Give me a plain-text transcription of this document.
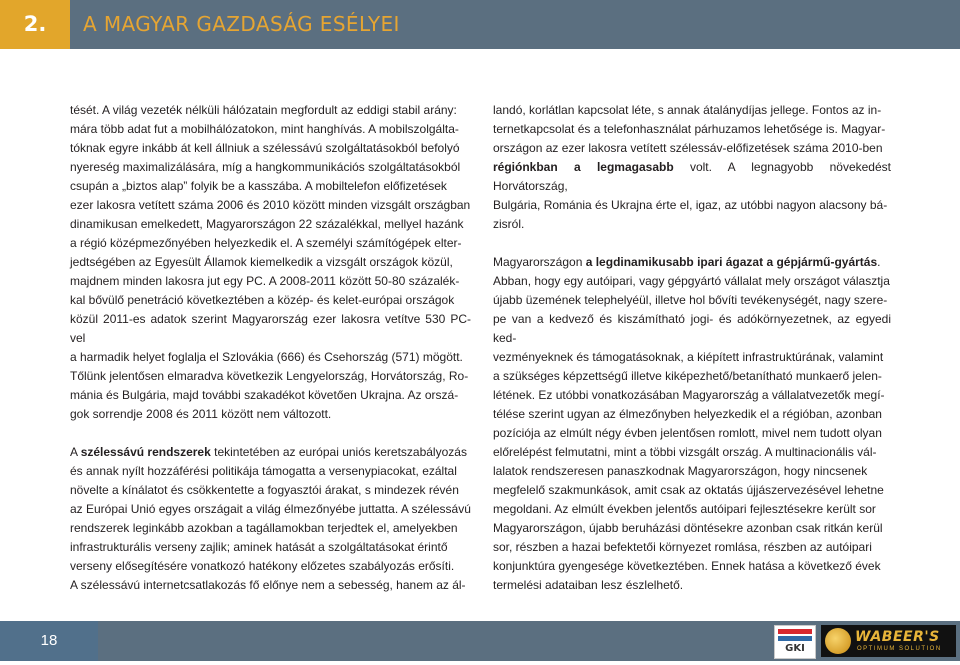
2.	A MAGYAR GAZDASÁG ESÉLYEI

tését. A világ vezeték nélküli hálózatain megfordult az eddigi stabil arány:

mára több adat fut a mobilhálózatokon, mint hanghívás. A mobilszolgálta-

tóknak egyre inkább át kell állniuk a szélessávú szolgáltatásokból befolyó

nyereség maximalizálására, míg a hangkommunikációs szolgáltatásokból

csupán a „biztos alap” folyik be a kasszába. A mobiltelefon előfizetések

ezer lakosra vetített száma 2006 és 2010 között minden vizsgált országban

dinamikusan emelkedett, Magyarországon 22 százalékkal, mellyel hazánk

a régió középmezőnyében helyezkedik el. A személyi számítógépek elter-

jedtségében az Egyesült Államok kiemelkedik a vizsgált országok közül,

majdnem minden lakosra jut egy PC. A 2008-2011 között 50-80 százalék-

kal bővülő penetráció következtében a közép- és kelet-európai országok

közül 2011-es adatok szerint Magyarország ezer lakosra vetítve 530 PC-vel

a harmadik helyet foglalja el Szlovákia (666) és Csehország (571) mögött.

Tőlünk jelentősen elmaradva következik Lengyelország, Horvátország, Ro-

mánia és Bulgária, majd további szakadékot követően Ukrajna. Az orszá-

gok sorrendje 2008 és 2011 között nem változott.

A szélessávú rendszerek tekintetében az európai uniós keretszabályozás

és annak nyílt hozzáférési politikája támogatta a versenypiacokat, ezáltal

növelte a kínálatot és csökkentette a fogyasztói árakat, s mindezek révén

az Európai Unió egyes országait a világ élmezőnyébe juttatta. A szélessávú

rendszerek leginkább azokban a tagállamokban terjedtek el, amelyekben

infrastrukturális verseny zajlik; aminek hatását a szolgáltatásokat érintő

verseny elősegítésére vonatkozó hatékony előzetes szabályozás erősíti.

A szélessávú internetcsatlakozás fő előnye nem a sebesség, hanem az ál-

landó, korlátlan kapcsolat léte, s annak átalánydíjas jellege. Fontos az in-

ternetkapcsolat és a telefonhasználat párhuzamos lehetősége is. Magyar-

országon az ezer lakosra vetített szélessáv-előfizetések száma 2010-ben

régiónkban a legmagasabb volt. A legnagyobb növekedést Horvátország,

Bulgária, Románia és Ukrajna érte el, igaz, az utóbbi nagyon alacsony bá-

zisról.

Magyarországon a legdinamikusabb ipari ágazat a gépjármű-gyártás.

Abban, hogy egy autóipari, vagy gépgyártó vállalat mely országot választja

újabb üzemének telephelyéül, illetve hol bővíti tevékenységét, nagy szere-

pe van a kedvező és kiszámítható jogi- és adókörnyezetnek, az egyedi ked-

vezményeknek és támogatásoknak, a kiépített infrastruktúrának, valamint

a szükséges képzettségű illetve kiképezhető/betanítható munkaerő jelen-

létének. Ez utóbbi vonatkozásában Magyarország a vállalatvezetők megí-

télése szerint ugyan az élmezőnyben helyezkedik el a régióban, azonban

pozíciója az elmúlt négy évben jelentősen romlott, mivel nem tudott olyan

előrelépést felmutatni, mint a többi vizsgált ország. A multinacionális vál-

lalatok rendszeresen panaszkodnak Magyarországon, hogy nincsenek

megfelelő szakmunkások, amit csak az oktatás újjászervezésével lehetne

megoldani. Az elmúlt években jelentős autóipari fejlesztésekre került sor

Magyarországon, újabb beruházási döntésekre azonban csak ritkán kerül

sor, részben a hazai befektetői környezet romlása, részben az autóipari

konjunktúra gyengesége következtében. Ennek hatása a következő évek

termelési adataiban lesz észlelhető.

18	GKI
WABEER'S
OPTIMUM SOLUTION
